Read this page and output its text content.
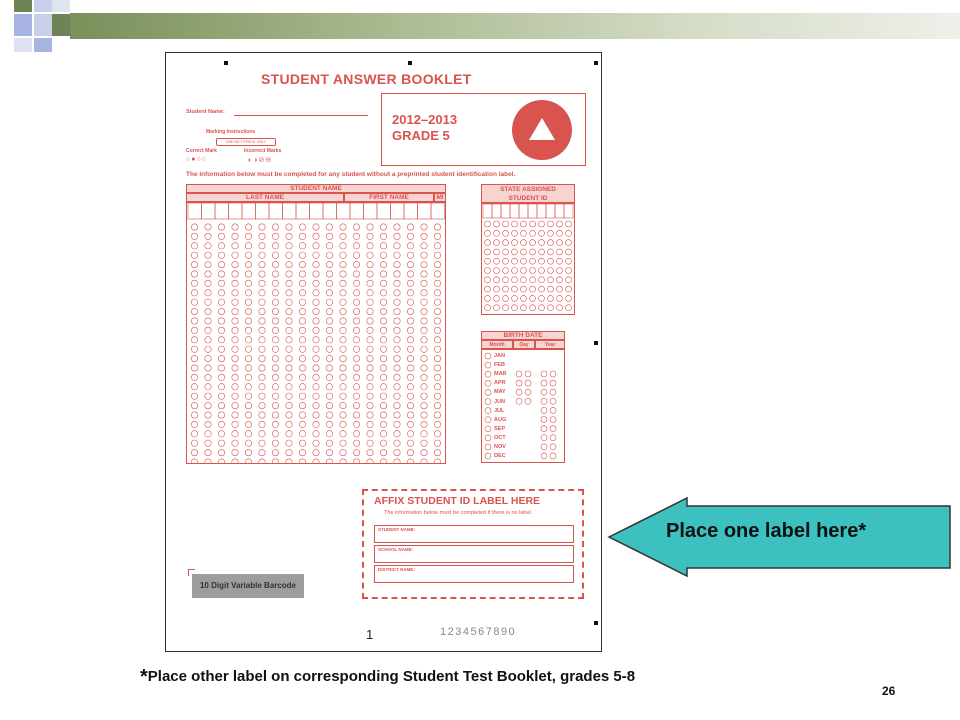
STUDENT ANSWER BOOKLET
Student Name:
Marking Instructions
USE NO.2 PENCIL ONLY
Correct Mark	Incorrect Marks
○●○○	◐◑⊘⊖
2012–2013
GRADE 5
The information below must be completed for any student without a preprinted student identification label.
STUDENT NAME
LAST NAME	FIRST NAME	MI
STATE ASSIGNED STUDENT ID
BIRTH DATE
Month	Day	Year
JAN
FEB
MAR
APR
MAY
JUN
JUL
AUG
SEP
OCT
NOV
DEC
AFFIX STUDENT ID LABEL HERE
The information below must be completed if there is no label.
STUDENT NAME:
SCHOOL NAME:
DISTRICT NAME:
10 Digit Variable Barcode
1	1234567890
Place one label here*
*Place other label on corresponding Student Test Booklet, grades 5-8
26
